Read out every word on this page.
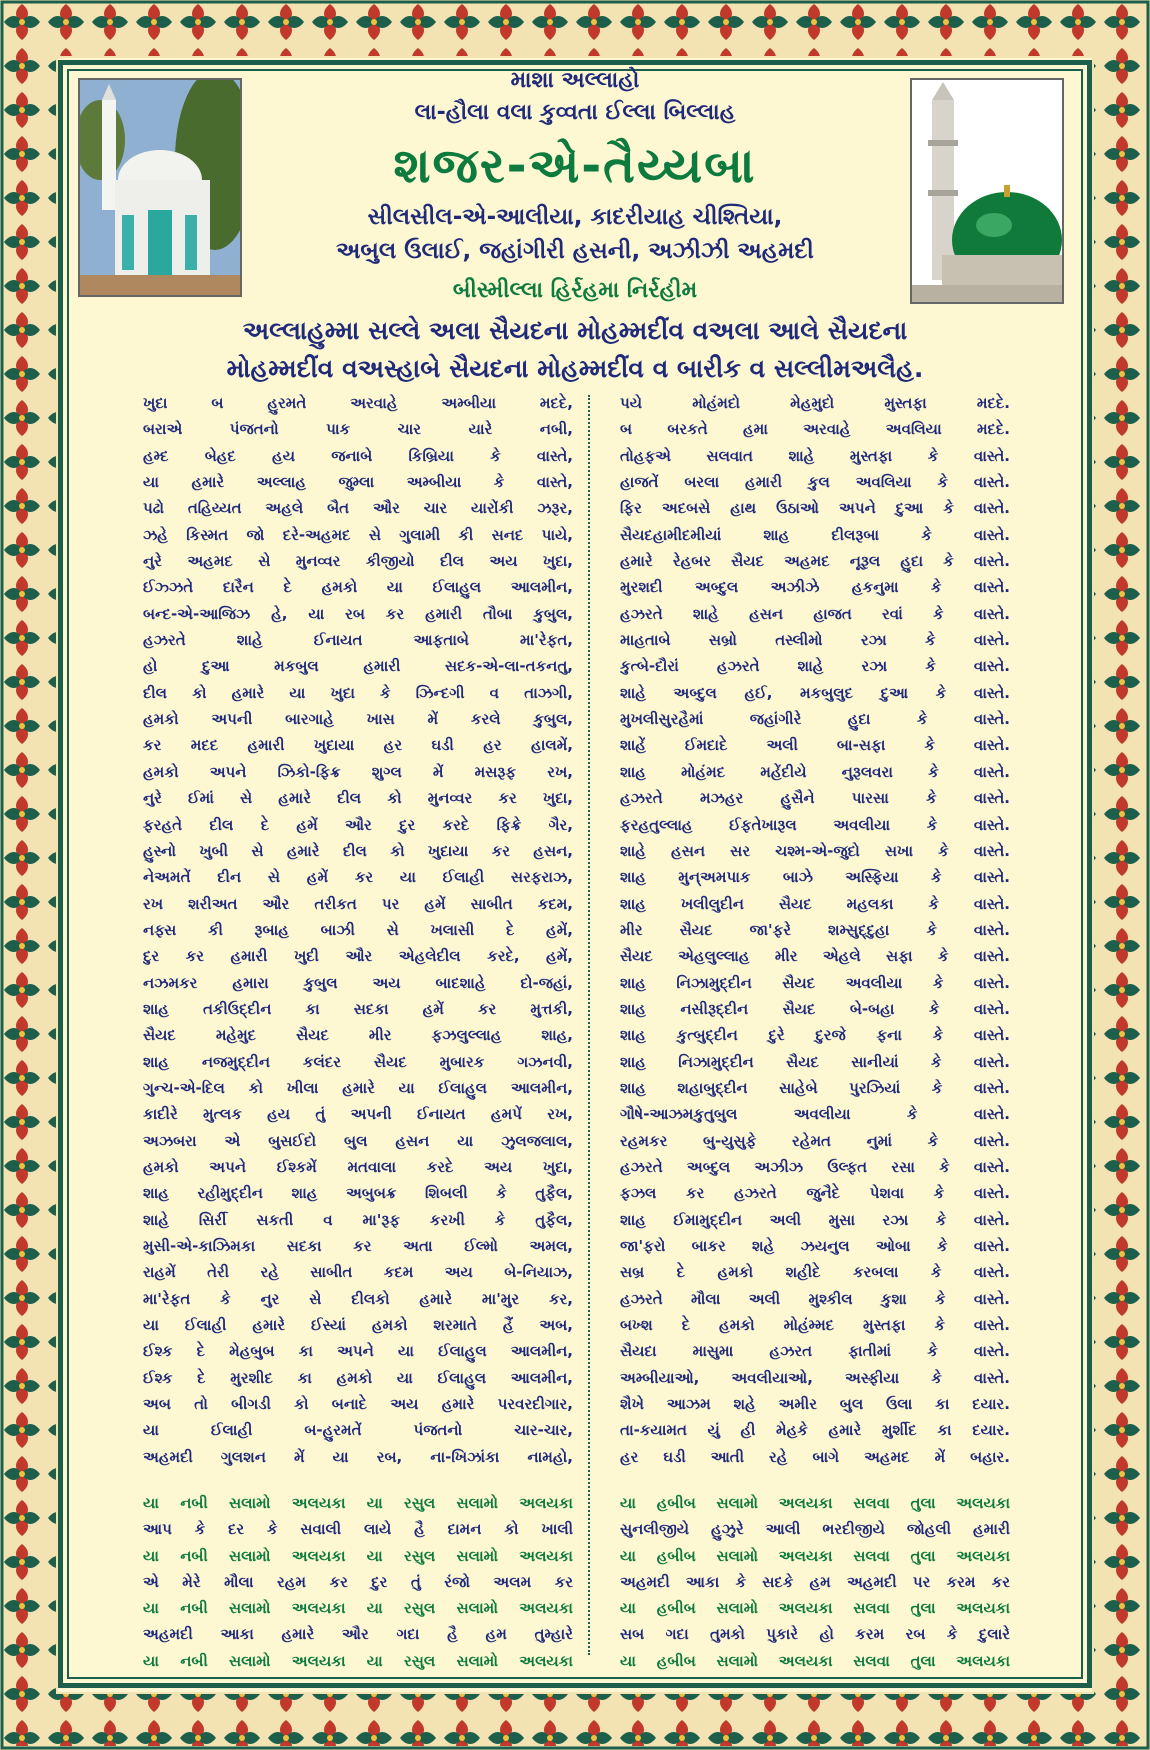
માશા અલ્લાહો
લા-હૌલા વલા કુવ્વતા ઈલ્લા બિલ્લાહ
શજર-એ-તૈય્યબા
સીલસીલ-એ-આલીયા, કાદરીયાહ ચીશ્તિયા,
અબુલ ઉલાઈ, જહાંગીરી હસની, અઝીઝી અહમદી
બીસ્મીલ્લા હિર્રહમા નિર્રહીમ
અલ્લાહુમ્મા સલ્લે અલા સૈયદના મોહમ્મદીંવ વઅલા આલે સૈયદના
મોહમ્મદીંવ વઅસ્હાબે સૈયદના મોહમ્મદીંવ વ બારીક વ સલ્લીમઅલૈહ.
ખુદા બ હુરમતે અરવાહે અમ્બીયા મદદે,
બરાએ પંજતનો પાક ચાર યારે નબી,
હમ્દ બેહદ હય જનાબે કિબ્રિયા કે વાસ્તે,
યા હમારે અલ્લાહ જુમ્લા અમ્બીયા કે વાસ્તે,
પઢો તહિય્યત અહલે બૈત ઔર ચાર યારોંકી ઝરૂર,
ઝહે કિસ્મત જો દરે-અહમદ સે ગુલામી કી સનદ પાયે,
નુરે અહમદ સે મુનવ્વર કીજીયો દીલ અય ખુદા,
ઈઝ્ઝતે દારૈન દે હમકો યા ઈલાહુલ આલમીન,
બન્દ-એ-આજિઝ હે, યા રબ કર હમારી તૌબા કુબુલ,
હઝરતે શાહે ઈનાયત આફતાબે મા'રેફત,
હો દુઆ મકબુલ હમારી સદક-એ-લા-તકનતુ,
દીલ કો હમારે યા ખુદા કે ઝિન્દગી વ તાઝગી,
હમકો અપની બારગાહે ખાસ મેં કરલે કુબુલ,
કર મદદ હમારી ખુદાયા હર ઘડી હર હાલમેં,
હમકો અપને ઝિકો-ફિક્ર શુગ્લ મેં મસરૂફ રખ,
નુરે ઈમાં સે હમારે દીલ કો મુનવ્વર કર ખુદા,
ફરહતે દીલ દે હમેં ઔર દુર કરદે ફિક્રે ગૈર,
હુસ્નો ખુબી સે હમારે દીલ કો ખુદાયા કર હસન,
નેઅમતેં દીન સે હમેં કર યા ઈલાહી સરફરાઝ,
રખ શરીઅત ઔર તરીકત પર હમેં સાબીત કદમ,
નફ્સ કી રૂબાહ બાઝી સે ખલાસી દે હમેં,
દુર કર હમારી ખુદી ઔર એહલેદીલ કરદે, હમેં,
નઝમકર હમારા કુબુલ અય બાદશાહે દો-જહાં,
શાહ તકીઉદ્દીન કા સદકા હમેં કર મુત્તકી,
સૈયદ મહેમુદ સૈયદ મીર ફઝલુલ્લાહ શાહ,
શાહ નજમુદ્દીન કલંદર સૈયદ મુબારક ગઝનવી,
ગુન્ચ-એ-દિલ કો ખીલા હમારે યા ઈલાહુલ આલમીન,
કાદીરે મુત્લક હય તું અપની ઈનાયત હમપેં રખ,
અઝબરા એ બુસઈદો બુલ હસન યા ઝુલજલાલ,
હમકો અપને ઈશ્કમેં મતવાલા કરદે અય ખુદા,
શાહ રહીમુદ્દીન શાહ અબુબક્ર શિબલી કે તુફૈલ,
શાહે સિર્રી સકતી વ મા'રૂફ કરખી કે તુફૈલ,
મુસી-એ-કાઝિમકા સદકા કર અતા ઈલ્મો અમલ,
રાહમેં તેરી રહે સાબીત કદમ અય બે-નિયાઝ,
મા'રેફત કે નુર સે દીલકો હમારે મા'મુર કર,
યા ઈલાહી હમારે ઈસ્યાં હમકો શરમાતે હૈં અબ,
ઈશ્ક દે મેહબુબ કા અપને યા ઈલાહુલ આલમીન,
ઈશ્ક દે મુરશીદ કા હમકો યા ઈલાહુલ આલમીન,
અબ તો બીગડી કો બનાદે અય હમારે પરવરદીગાર,
યા ઈલાહી બ-હુરમતેં પંજતનો ચાર-ચાર,
અહમદી ગુલશન મેં યા રબ, ના-ખિઝાંકા નામહો,
પયે મોહંમદો મેહમુદો મુસ્તફા મદદે.
બ બરકતે હમા અરવાહે અવલિયા મદદે.
તોહફએ સલવાત શાહે મુસ્તફા કે વાસ્તે.
હાજતેં બરલા હમારી કુલ અવલિયા કે વાસ્તે.
ફિર અદબસે હાથ ઉઠાઓ અપને દુઆ કે વાસ્તે.
સૈયદહામીદમીયાં શાહ દીલરૂબા કે વાસ્તે.
હમારે રેહબર સૈયદ અહમદ નૂરૂલ હુદા કે વાસ્તે.
મુરશદી અબ્દુલ અઝીઝે હકનુમા કે વાસ્તે.
હઝરતે શાહે હસન હાજત રવાં કે વાસ્તે.
માહતાબે સબ્રો તસ્લીમો રઝા કે વાસ્તે.
કુત્બે-દૌરાં હઝરતે શાહે રઝા કે વાસ્તે.
શાહે અબ્દુલ હઈ, મકબુલુદ દુઆ કે વાસ્તે.
મુખલીસુરહૈમાં જહાંગીરે હુદા કે વાસ્તે.
શાહેં ઈમદાદે અલી બા-સફા કે વાસ્તે.
શાહ મોહંમદ મહેંદીયે નુરૂલવરા કે વાસ્તે.
હઝરતે મઝહર હુસૈને પારસા કે વાસ્તે.
ફરહતુલ્લાહ ઈફતેખારૂલ અવલીયા કે વાસ્તે.
શાહે હસન સર ચશ્મ-એ-જુદો સખા કે વાસ્તે.
શાહ મુન્અમપાક બાઝે અસ્ફિયા કે વાસ્તે.
શાહ ખલીલુદીન સૈયદ મહલકા કે વાસ્તે.
મીર સૈયદ જા'ફરે શમ્સુદ્દુહા કે વાસ્તે.
સૈયદ એહલુલ્લાહ મીર એહલે સફા કે વાસ્તે.
શાહ નિઝામુદ્દીન સૈયદ અવલીયા કે વાસ્તે.
શાહ નસીરૂદ્દીન સૈયદ બે-બહા કે વાસ્તે.
શાહ કુત્બુદ્દીન દુરે દુરજે ફના કે વાસ્તે.
શાહ નિઝામુદ્દીન સૈયદ સાનીયાં કે વાસ્તે.
શાહ શહાબુદ્દીન સાહેબે પુરઝિયાં કે વાસ્તે.
ગૌષે-આઝમકુતુબુલ અવલીયા કે વાસ્તે.
રહમકર બુ-યુસુફે રહેમત નુમાં કે વાસ્તે.
હઝરતે અબ્દુલ અઝીઝ ઉલ્ફત રસા કે વાસ્તે.
ફઝલ કર હઝરતે જુનૈદે પેશવા કે વાસ્તે.
શાહ ઈમામુદ્દીન અલી મુસા રઝા કે વાસ્તે.
જા'ફરો બાકર શહે ઝયનુલ ઓબા કે વાસ્તે.
સબ્ર દે હમકો શહીદે કરબલા કે વાસ્તે.
હઝરતે મૌલા અલી મુશ્કીલ કુશા કે વાસ્તે.
બખ્શ દે હમકો મોહંમ્મદ મુસ્તફા કે વાસ્તે.
સૈયદા માસુમા હઝરત ફાતીમાં કે વાસ્તે.
અમ્બીયાઓ, અવલીયાઓ, અસ્ફીયા કે વાસ્તે.
શૈખે આઝમ શહે અમીર બુલ ઉલા કા દયાર.
તા-કયામત યું હી મેહકે હમારે મુર્શીદ કા દયાર.
હર ઘડી આતી રહે બાગે અહમદ મેં બહાર.
યા નબી સલામો અલયકા યા રસુલ સલામો અલયકા
આપ કે દર કે સવાલી લાયે હૈ દામન કો ખાલી
યા નબી સલામો અલયકા યા રસુલ સલામો અલયકા
એ મેરે મૌલા રહમ કર દુર તું રંજો અલમ કર
યા નબી સલામો અલયકા યા રસુલ સલામો અલયકા
અહમદી આકા હમારે ઔર ગદા હૈ હમ તુમ્હારે
યા નબી સલામો અલયકા યા રસુલ સલામો અલયકા
યા હબીબ સલામો અલયકા સલવા તુલા અલયકા
સુનલીજીયે હુઝુરે આલી ભરદીજીયે જોહલી હમારી
યા હબીબ સલામો અલયકા સલવા તુલા અલયકા
અહમદી આકા કે સદકે હમ અહમદી પર કરમ કર
યા હબીબ સલામો અલયકા સલવા તુલા અલયકા
સબ ગદા તુમકો પુકારે હો કરમ રબ કે દુલારે
યા હબીબ સલામો અલયકા સલવા તુલા અલયકા
